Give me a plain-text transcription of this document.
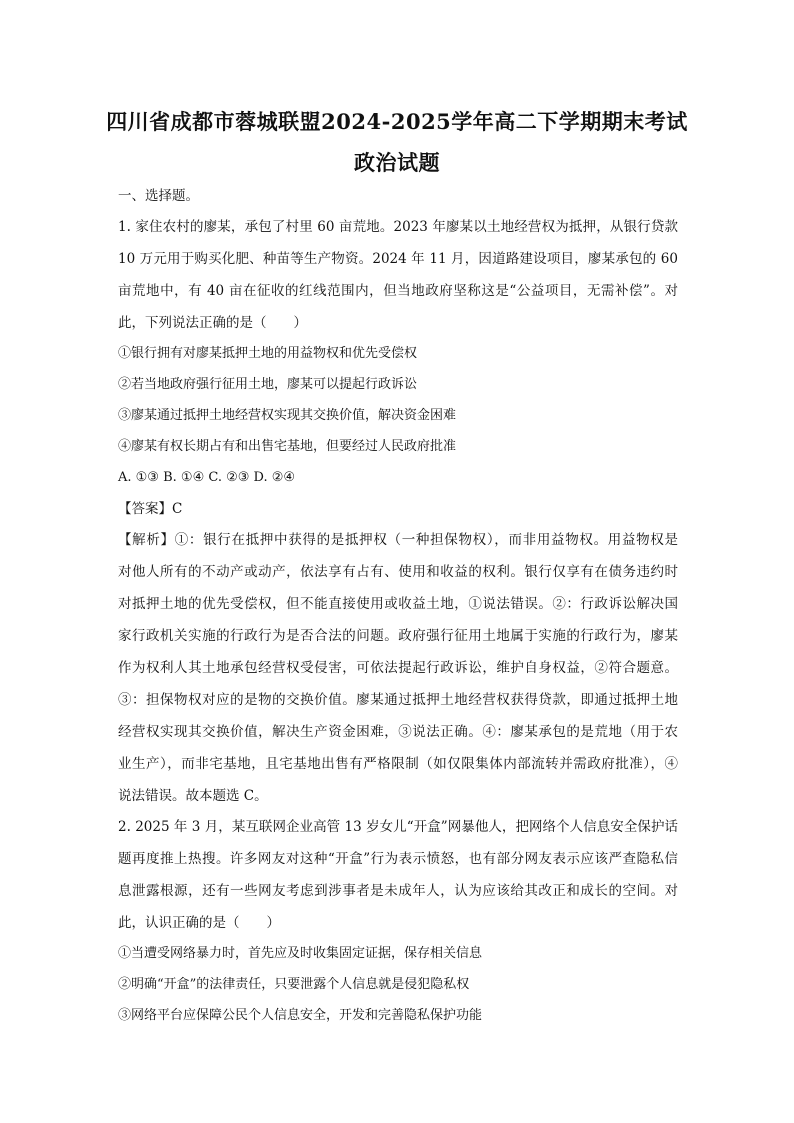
四川省成都市蓉城联盟2024-2025学年高二下学期期末考试
政治试题
一、选择题。
1. 家住农村的廖某，承包了村里 60 亩荒地。2023 年廖某以土地经营权为抵押，从银行贷款
10 万元用于购买化肥、种苗等生产物资。2024 年 11 月，因道路建设项目，廖某承包的 60
亩荒地中，有 40 亩在征收的红线范围内，但当地政府坚称这是“公益项目，无需补偿”。对
此，下列说法正确的是（　　）
①银行拥有对廖某抵押土地的用益物权和优先受偿权
②若当地政府强行征用土地，廖某可以提起行政诉讼
③廖某通过抵押土地经营权实现其交换价值，解决资金困难
④廖某有权长期占有和出售宅基地，但要经过人民政府批准
A. ①③ B. ①④ C. ②③ D. ②④
【答案】C
【解析】①：银行在抵押中获得的是抵押权（一种担保物权），而非用益物权。用益物权是
对他人所有的不动产或动产，依法享有占有、使用和收益的权利。银行仅享有在债务违约时
对抵押土地的优先受偿权，但不能直接使用或收益土地，①说法错误。②：行政诉讼解决国
家行政机关实施的行政行为是否合法的问题。政府强行征用土地属于实施的行政行为，廖某
作为权利人其土地承包经营权受侵害，可依法提起行政诉讼，维护自身权益，②符合题意。
③：担保物权对应的是物的交换价值。廖某通过抵押土地经营权获得贷款，即通过抵押土地
经营权实现其交换价值，解决生产资金困难，③说法正确。④：廖某承包的是荒地（用于农
业生产），而非宅基地，且宅基地出售有严格限制（如仅限集体内部流转并需政府批准），④
说法错误。故本题选 C。
2. 2025 年 3 月，某互联网企业高管 13 岁女儿“开盒”网暴他人，把网络个人信息安全保护话
题再度推上热搜。许多网友对这种“开盒”行为表示愤怒，也有部分网友表示应该严查隐私信
息泄露根源，还有一些网友考虑到涉事者是未成年人，认为应该给其改正和成长的空间。对
此，认识正确的是（　　）
①当遭受网络暴力时，首先应及时收集固定证据，保存相关信息
②明确“开盒”的法律责任，只要泄露个人信息就是侵犯隐私权
③网络平台应保障公民个人信息安全，开发和完善隐私保护功能
